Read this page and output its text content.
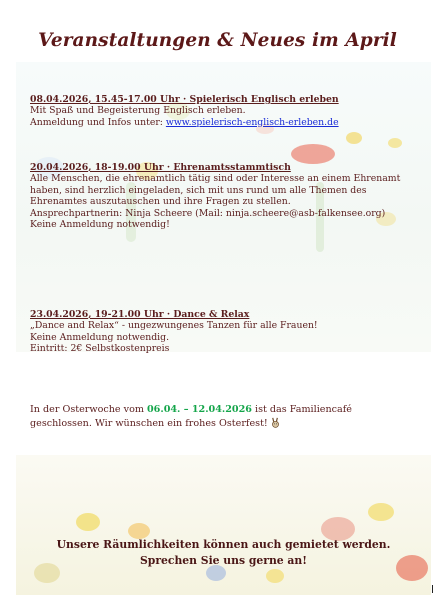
Veranstaltungen & Neues im April
08.04.2026, 15.45-17.00 Uhr · Spielerisch Englisch erleben
Mit Spaß und Begeisterung Englisch erleben.
Anmeldung und Infos unter: www.spielerisch-englisch-erleben.de
20.04.2026, 18-19.00 Uhr · Ehrenamtsstammtisch
Alle Menschen, die ehrenamtlich tätig sind oder Interesse an einem Ehrenamt haben, sind herzlich eingeladen, sich mit uns rund um alle Themen des Ehrenamtes auszutauschen und ihre Fragen zu stellen.
Ansprechpartnerin: Ninja Scheere (Mail: ninja.scheere@asb-falkensee.org)
Keine Anmeldung notwendig!
23.04.2026, 19-21.00 Uhr · Dance & Relax
„Dance and Relax“ - ungezwungenes Tanzen für alle Frauen!
Keine Anmeldung notwendig.
Eintritt: 2€ Selbstkostenpreis
In der Osterwoche vom 06.04. – 12.04.2026 ist das Familiencafé
geschlossen. Wir wünschen ein frohes Osterfest!
Unsere Räumlichkeiten können auch gemietet werden.
Sprechen Sie uns gerne an!
